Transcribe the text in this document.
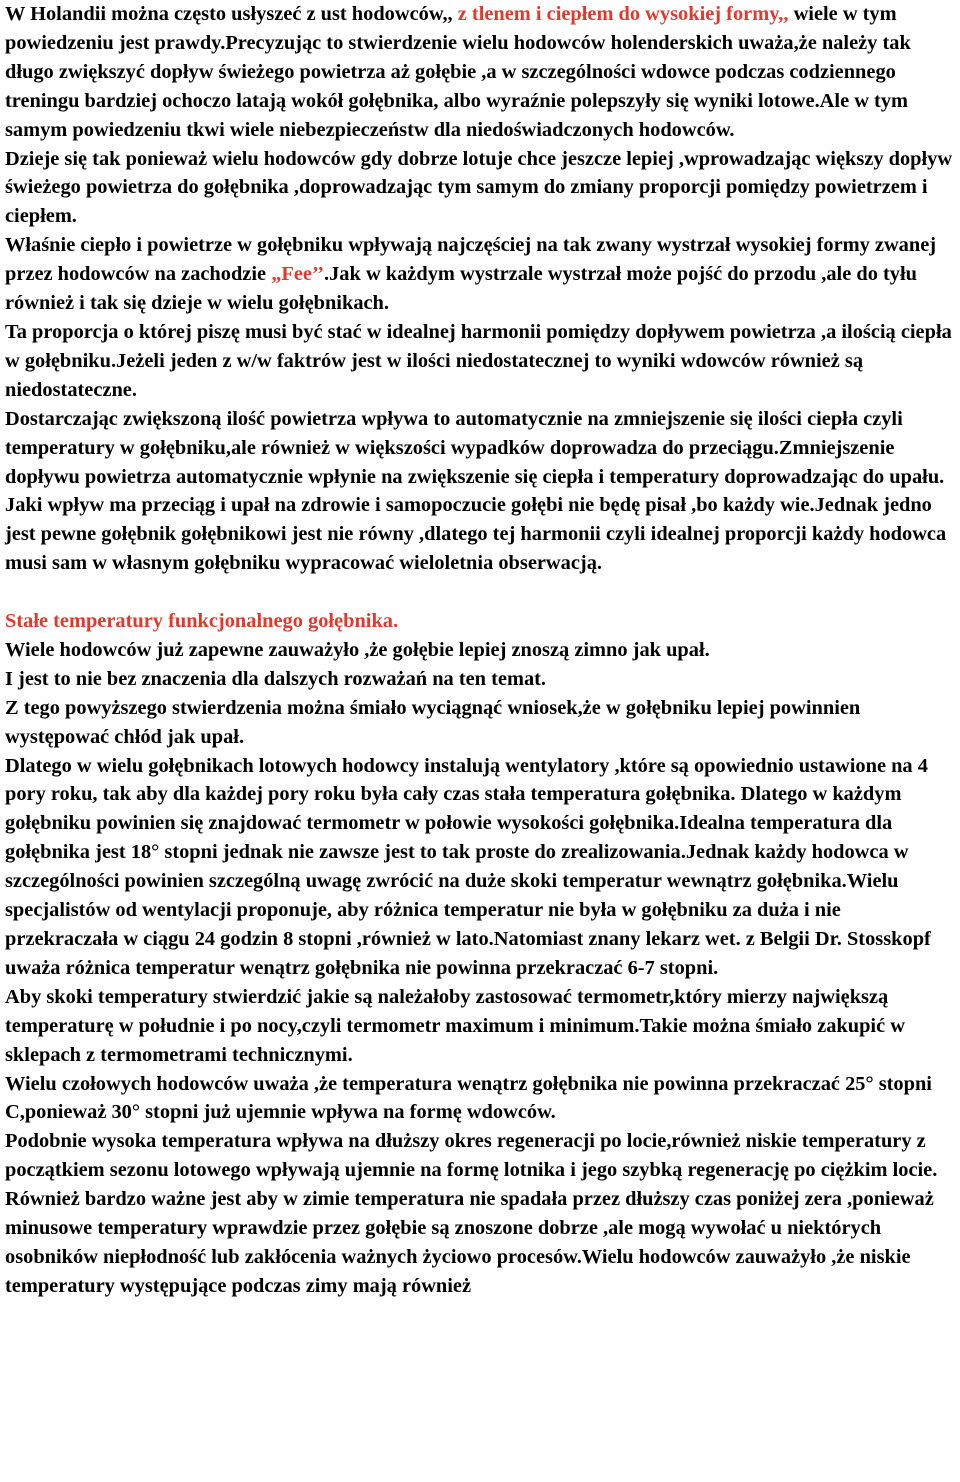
W Holandii można często usłyszeć z ust hodowców,, z tlenem i ciepłem do wysokiej formy,, wiele w tym powiedzeniu jest prawdy.Precyzując to stwierdzenie wielu hodowców holenderskich uważa,że należy tak długo zwiększyć dopływ świeżego powietrza aż gołębie ,a w szczególności wdowce podczas codziennego treningu bardziej ochoczo latają wokół gołębnika, albo wyraźnie polepszyły się wyniki lotowe.Ale w tym samym powiedzeniu tkwi wiele niebezpieczeństw dla niedoświadczonych hodowców.

Dzieje się tak ponieważ wielu hodowców gdy dobrze lotuje chce jeszcze lepiej ,wprowadzając większy dopływ świeżego powietrza do gołębnika ,doprowadzając tym samym do zmiany proporcji pomiędzy powietrzem i ciepłem.

Właśnie ciepło i powietrze w gołębniku wpływają najczęściej na tak zwany wystrzał wysokiej formy zwanej przez hodowców na zachodzie „Fee’’.Jak w każdym wystrzale wystrzał może pojść do przodu ,ale do tyłu również i tak się dzieje w wielu gołębnikach.

Ta proporcja o której piszę musi być stać w idealnej harmonii pomiędzy dopływem powietrza ,a ilością ciepła w gołębniku.Jeżeli jeden z w/w faktrów jest w ilości niedostatecznej to wyniki wdowców również są niedostateczne.

Dostarczając zwiększoną ilość powietrza wpływa to automatycznie na zmniejszenie się ilości ciepła czyli temperatury w gołębniku,ale również w większości wypadków doprowadza do przeciągu.Zmniejszenie dopływu powietrza automatycznie wpłynie na zwiększenie się ciepła i temperatury doprowadzając do upału.

Jaki wpływ ma przeciąg i upał na zdrowie i samopoczucie gołębi nie będę pisał ,bo każdy wie.Jednak jedno jest pewne gołębnik gołębnikowi jest nie równy ,dlatego tej harmonii czyli idealnej proporcji każdy hodowca musi sam w własnym gołębniku wypracować wieloletnia obserwacją.

Stałe temperatury funkcjonalnego gołębnika.

Wiele hodowców już zapewne zauważyło ,że gołębie lepiej znoszą zimno jak upał.

I jest to nie bez znaczenia dla dalszych rozważań na ten temat.

Z tego powyższego stwierdzenia można śmiało wyciągnąć wniosek,że w gołębniku lepiej powinnien występować chłód jak upał.

Dlatego w wielu gołębnikach lotowych hodowcy instalują wentylatory ,które są opowiednio ustawione na 4 pory roku, tak aby dla każdej pory roku była cały czas stała temperatura gołębnika. Dlatego w każdym gołębniku powinien się znajdować termometr w połowie wysokości gołębnika.Idealna temperatura dla gołębnika jest 18° stopni jednak nie zawsze jest to tak proste do zrealizowania.Jednak każdy hodowca w szczególności powinien szczególną uwagę zwrócić na duże skoki temperatur wewnątrz gołębnika.Wielu specjalistów od wentylacji proponuje, aby różnica temperatur nie była w gołębniku za duża i nie przekraczała w ciągu 24 godzin 8 stopni ,również w lato.Natomiast znany lekarz wet. z Belgii Dr. Stosskopf uważa różnica temperatur wenątrz gołębnika nie powinna przekraczać 6-7 stopni.

Aby skoki temperatury stwierdzić jakie są należałoby zastosować termometr,który mierzy największą temperaturę w południe i po nocy,czyli termometr maximum i minimum.Takie można śmiało zakupić w sklepach z termometrami technicznymi.

Wielu czołowych hodowców uważa ,że temperatura wenątrz gołębnika nie powinna przekraczać 25° stopni C,ponieważ 30° stopni już ujemnie wpływa na formę wdowców.

Podobnie wysoka temperatura wpływa na dłuższy okres regeneracji po locie,również niskie temperatury z początkiem sezonu lotowego wpływają ujemnie na formę lotnika i jego szybką regenerację po ciężkim locie. Również bardzo ważne jest aby w zimie temperatura nie spadała przez dłuższy czas poniżej zera ,ponieważ minusowe temperatury wprawdzie przez gołębie są znoszone dobrze ,ale mogą wywołać u niektórych osobników niepłodność lub zakłócenia ważnych życiowo procesów.Wielu hodowców zauważyło ,że niskie temperatury występujące podczas zimy mają również
